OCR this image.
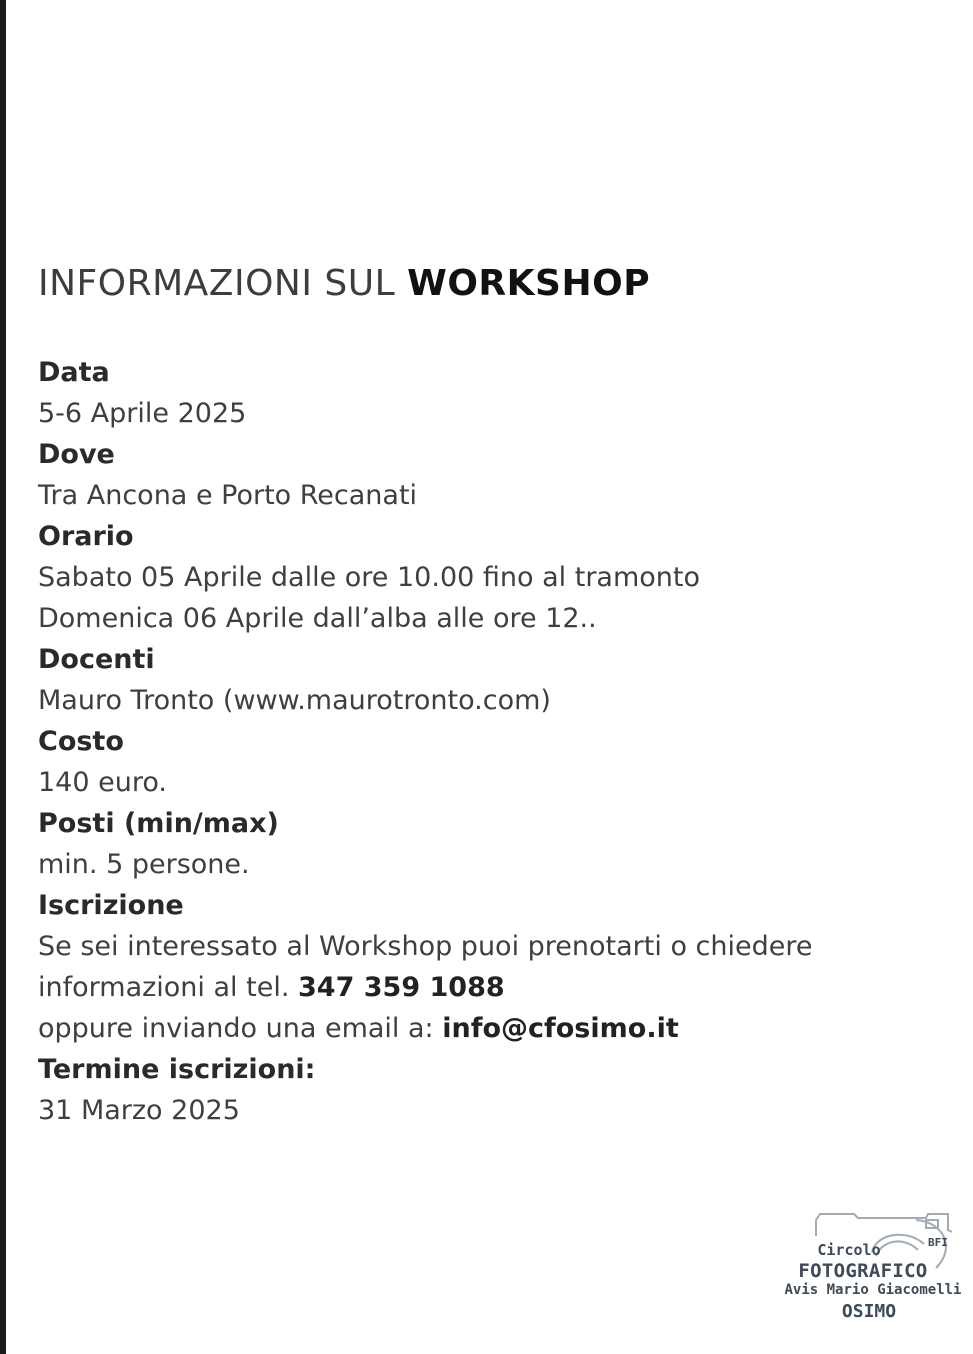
INFORMAZIONI SUL WORKSHOP
Data
5-6 Aprile 2025
Dove
Tra Ancona e Porto Recanati
Orario
Sabato 05 Aprile dalle ore 10.00 fino al tramonto
Domenica 06 Aprile dall’alba alle ore 12..
Docenti
Mauro Tronto (www.maurotronto.com)
Costo
140 euro.
Posti (min/max)
min. 5 persone.
Iscrizione
Se sei interessato al Workshop puoi prenotarti o chiedere
informazioni al tel. 347 359 1088
oppure inviando una email a: info@cfosimo.it
Termine iscrizioni:
31 Marzo 2025
Circolo	BFI
FOTOGRAFICO
Avis Mario Giacomelli
OSIMO
